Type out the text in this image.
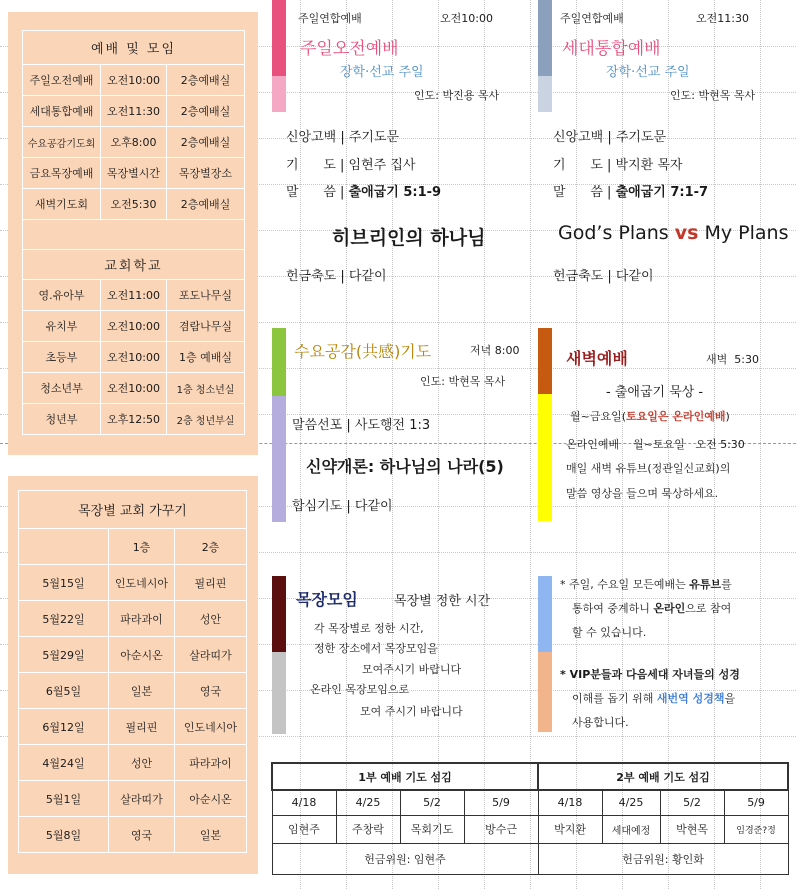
예배 및 모임		
주일오전예배	오전10:00	2층예배실
세대통합예배	오전11:30	2층예배실
수요공감기도회	오후8:00	2층예배실
금요목장예배	목장별시간	목장별장소
새벽기도회	오전5:30	2층예배실

교회학교		
영.유아부	오전11:00	포도나무실
유치부	오전10:00	겸람나무실
초등부	오전10:00	1층 예배실
청소년부	오전10:00	1층 청소년실
청년부	오후12:50	2층 청년부실
목장별 교회 가꾸기		
	1층	2층
5월15일	인도네시아	필리핀
5월22일	파라과이	성안
5월29일	아순시온	살라띠가
6월5일	일본	영국
6월12일	필리핀	인도네시아
4월24일	성안	파라과이
5월1일	살라띠가	아순시온
5월8일	영국	일본
주일연합예배	오전10:00
주일오전예배
장학·선교 주일
인도: 박진용 목사
신앙고백 | 주기도문
기      도 | 임현주 집사
말      씀 | 출애굽기 5:1-9
히브리인의 하나님
헌금축도 | 다같이
주일연합예배	오전11:30
세대통합예배
장학·선교 주일
인도: 박현목 목사
신앙고백 | 주기도문
기      도 | 박지환 목자
말      씀 | 출애굽기 7:1-7
God’s Plans vs My Plans
헌금축도 | 다같이
수요공감(共感)기도	저녁 8:00
인도: 박현목 목사
말씀선포 | 사도행전 1:3
신약개론: 하나님의 나라(5)
합심기도 | 다같이
새벽예배	새벽  5:30
- 출애굽기 묵상 -
월~금요일(토요일은 온라인예배)
온라인예배    월~토요일   오전 5:30
매일 새벽 유튜브(정관일신교회)의
말씀 영상을 들으며 묵상하세요.
목장모임	목장별 정한 시간
각 목장별로 정한 시간,
정한 장소에서 목장모임을
모여주시기 바랍니다
온라인 목장모임으로
모여 주시기 바랍니다
* 주일, 수요일 모든예배는 유튜브를
통하여 중계하니 온라인으로 참여
할 수 있습니다.
* VIP분들과 다음세대 자녀들의 성경
이해를 돕기 위해 새번역 성경책을
사용합니다.
1부 예배 기도 섬김				2부 예배 기도 섬김			
4/18	4/25	5/2	5/9	4/18	4/25	5/2	5/9
임현주	주창락	목회기도	방수근	박지환	세대예정	박현목	임경준?정
헌금위원: 임현주				헌금위원: 황인화			
